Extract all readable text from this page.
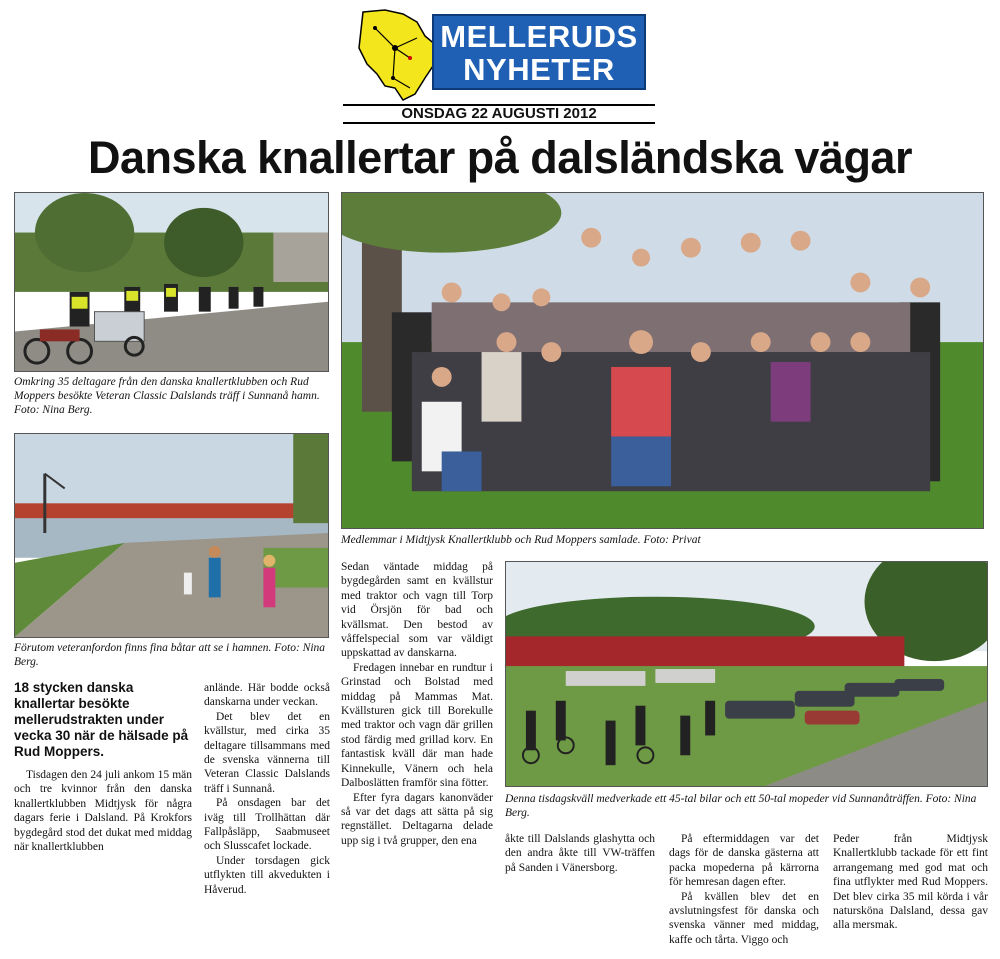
MELLERUDS
NYHETER
ONSDAG 22 AUGUSTI 2012
Danska knallertar på dalsländska vägar
Omkring 35 deltagare från den danska knallertklubben och Rud Moppers besökte Veteran Classic Dalslands träff i Sunnanå hamn. Foto: Nina Berg.
Förutom veteranfordon finns fina båtar att se i hamnen. Foto: Nina Berg.
Medlemmar i Midtjysk Knallertklubb och Rud Moppers samlade. Foto: Privat
Denna tisdagskväll medverkade ett 45-tal bilar och ett 50-tal mopeder vid Sunnanåträffen. Foto: Nina Berg.
18 stycken danska knallertar besökte mellerudstrakten under vecka 30 när de hälsade på Rud Moppers.

Tisdagen den 24 juli ankom 15 män och tre kvinnor från den danska knallertklubben Midtjysk för några dagars ferie i Dalsland. På Krokfors bygdegård stod det dukat med middag när knallertklubben

anlände. Här bodde också danskarna under veckan.

Det blev det en kvällstur, med cirka 35 deltagare tillsammans med de svenska vännerna till Veteran Classic Dalslands träff i Sunnanå.

På onsdagen bar det iväg till Trollhättan där Fallpåsläpp, Saabmuseet och Slusscafet lockade.

Under torsdagen gick utflykten till akvedukten i Håverud.

Sedan väntade middag på bygdegården samt en kvällstur med traktor och vagn till Torp vid Örsjön för bad och kvällsmat. Den bestod av våffelspecial som var väldigt uppskattad av danskarna.

Fredagen innebar en rundtur i Grinstad och Bolstad med middag på Mammas Mat. Kvällsturen gick till Borekulle med traktor och vagn där grillen stod färdig med grillad korv. En fantastisk kväll där man hade Kinnekulle, Vänern och hela Dalboslätten framför sina fötter.

Efter fyra dagars kanonväder så var det dags att sätta på sig regnstället. Deltagarna delade upp sig i två grupper, den ena	åkte till Dalslands glashytta och den andra åkte till VW-träffen på Sanden i Vänersborg.

På eftermiddagen var det dags för de danska gästerna att packa mopederna på kärrorna för hemresan dagen efter.

På kvällen blev det en avslutningsfest för danska och svenska vänner med middag, kaffe och tårta. Viggo och

Peder från Midtjysk Knallertklubb tackade för ett fint arrangemang med god mat och fina utflykter med Rud Moppers. Det blev cirka 35 mil körda i vår natursköna Dalsland, dessa gav alla mersmak.
